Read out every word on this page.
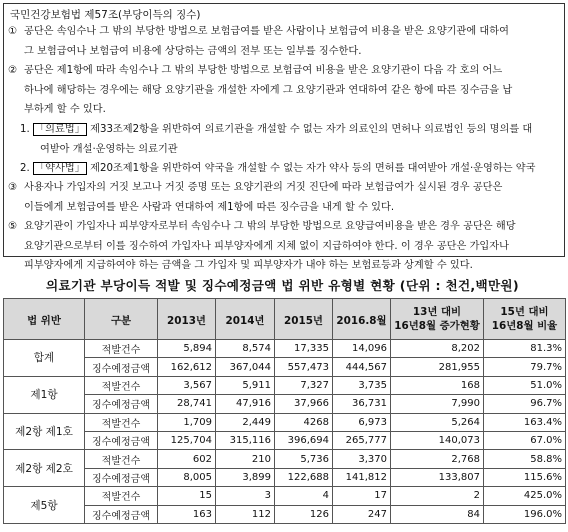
국민건강보험법 제57조(부당이득의 징수)
① 공단은 속임수나 그 밖의 부당한 방법으로 보험급여를 받은 사람이나 보험급여 비용을 받은 요양기관에 대하여
그 보험급여나 보험급여 비용에 상당하는 금액의 전부 또는 일부를 징수한다.
② 공단은 제1항에 따라 속임수나 그 밖의 부당한 방법으로 보험급여 비용을 받은 요양기관이 다음 각 호의 어느
하나에 해당하는 경우에는 해당 요양기관을 개설한 자에게 그 요양기관과 연대하여 같은 항에 따른 징수금을 납
부하게 할 수 있다.
1. 「의료법」 제33조제2항을 위반하여 의료기관을 개설할 수 없는 자가 의료인의 면허나 의료법인 등의 명의를 대
여받아 개설·운영하는 의료기관
2. 「약사법」 제20조제1항을 위반하여 약국을 개설할 수 없는 자가 약사 등의 면허를 대여받아 개설·운영하는 약국
③ 사용자나 가입자의 거짓 보고나 거짓 증명 또는 요양기관의 거짓 진단에 따라 보험급여가 실시된 경우 공단은
이들에게 보험급여를 받은 사람과 연대하여 제1항에 따른 징수금을 내게 할 수 있다.
⑤ 요양기관이 가입자나 피부양자로부터 속임수나 그 밖의 부당한 방법으로 요양급여비용을 받은 경우 공단은 해당
요양기관으로부터 이를 징수하여 가입자나 피부양자에게 지체 없이 지급하여야 한다. 이 경우 공단은 가입자나
피부양자에게 지급하여야 하는 금액을 그 가입자 및 피부양자가 내야 하는 보험료등과 상계할 수 있다.
의료기관 부당이득 적발 및 징수예정금액 법 위반 유형별 현황 (단위 : 천건,백만원)
법 위반	구분	2013년	2014년	2015년	2016.8월	13년 대비
16년8월 증가현황	15년 대비
16년8월 비율
합계	적발건수	5,894	8,574	17,335	14,096	8,202	81.3%
	징수예정금액	162,612	367,044	557,473	444,567	281,955	79.7%
제1항	적발건수	3,567	5,911	7,327	3,735	168	51.0%
	징수예정금액	28,741	47,916	37,966	36,731	7,990	96.7%
제2항 제1호	적발건수	1,709	2,449	4268	6,973	5,264	163.4%
	징수예정금액	125,704	315,116	396,694	265,777	140,073	67.0%
제2항 제2호	적발건수	602	210	5,736	3,370	2,768	58.8%
	징수예정금액	8,005	3,899	122,688	141,812	133,807	115.6%
제5항	적발건수	15	3	4	17	2	425.0%
	징수예정금액	163	112	126	247	84	196.0%
